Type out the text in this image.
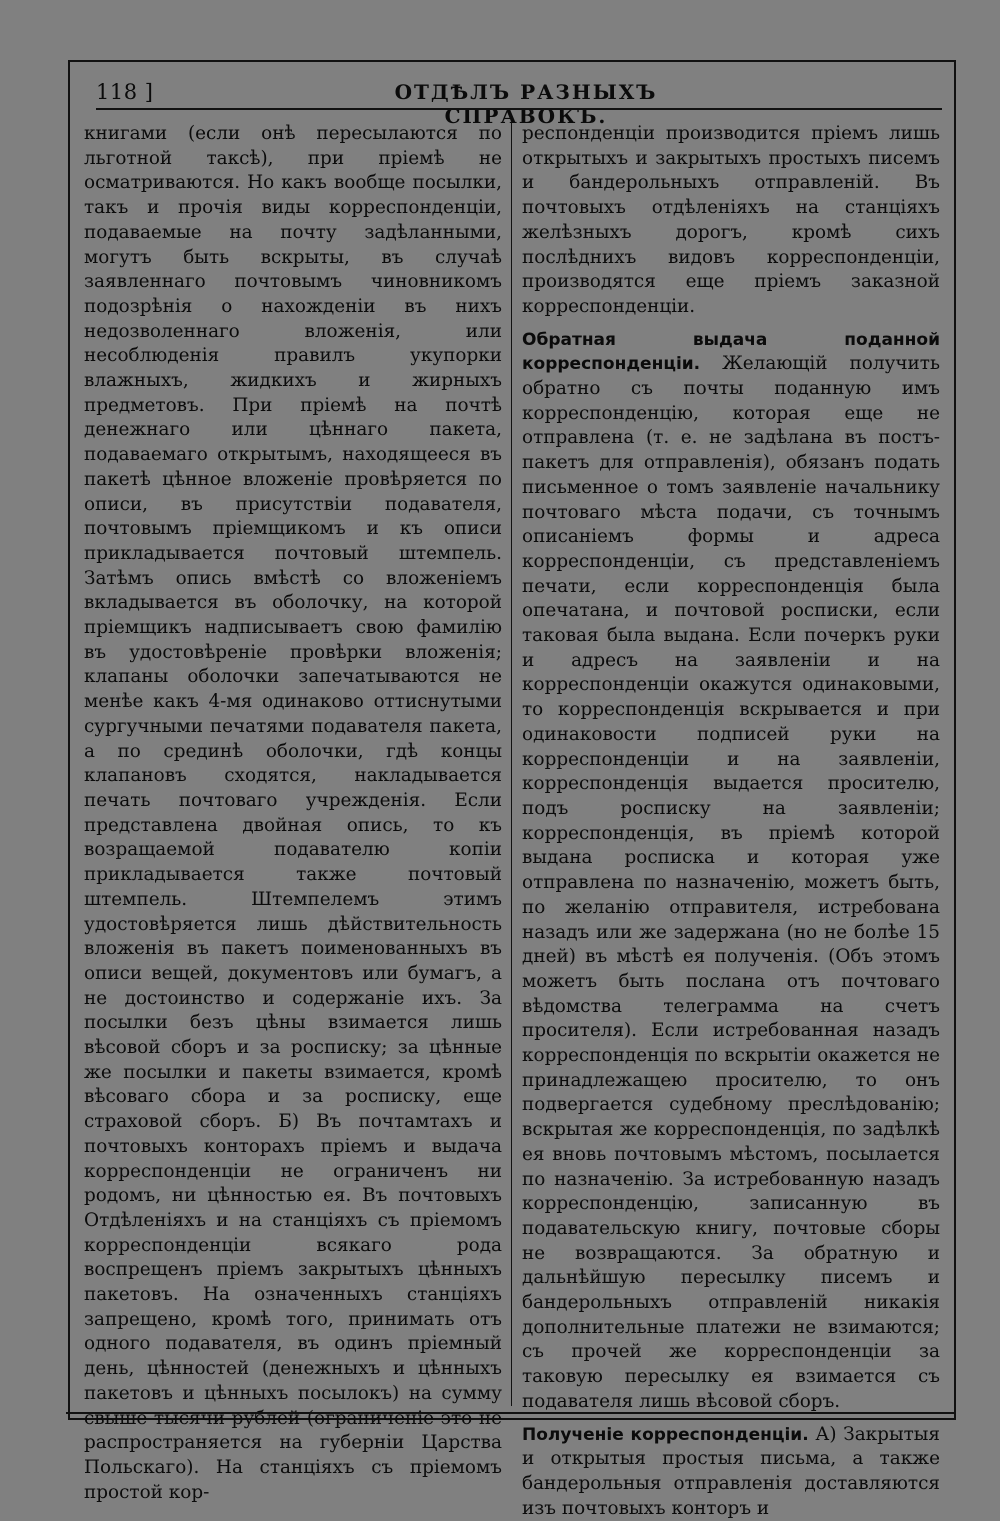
118 ]	ОТДѢЛЪ РАЗНЫХЪ СПРАВОКЪ.

книгами (если онѣ пересылаются по льготной таксѣ), при пріемѣ не осматриваются. Но какъ вообще посылки, такъ и прочія виды корреспонденціи, подаваемые на почту задѣланными, могутъ быть вскрыты, въ случаѣ заявленнаго почтовымъ чиновникомъ подозрѣнія о нахожденіи въ нихъ недозволеннаго вложенія, или несоблюденія правилъ укупорки влажныхъ, жидкихъ и жирныхъ предметовъ. При пріемѣ на почтѣ денежнаго или цѣннаго пакета, подаваемаго открытымъ, находящееся въ пакетѣ цѣнное вложеніе провѣряется по описи, въ присутствіи подавателя, почтовымъ пріемщикомъ и къ описи прикладывается почтовый штемпель. Затѣмъ опись вмѣстѣ со вложеніемъ вкладывается въ оболочку, на которой пріемщикъ надписываетъ свою фамилію въ удостовѣреніе провѣрки вложенія; клапаны оболочки запечатываются не менѣе какъ 4-мя одинаково оттиснутыми сургучными печатями подавателя пакета, а по срединѣ оболочки, гдѣ концы клапановъ сходятся, накладывается печать почтоваго учрежденія. Если представлена двойная опись, то къ возращаемой подавателю копіи прикладывается также почтовый штемпель. Штемпелемъ этимъ удостовѣряется лишь дѣйствительность вложенія въ пакетъ поименованныхъ въ описи вещей, документовъ или бумагъ, а не достоинство и содержаніе ихъ. За посылки безъ цѣны взимается лишь вѣсовой сборъ и за росписку; за цѣнные же посылки и пакеты взимается, кромѣ вѣсоваго сбора и за росписку, еще страховой сборъ. Б) Въ почтамтахъ и почтовыхъ конторахъ пріемъ и выдача корреспонденціи не ограниченъ ни родомъ, ни цѣнностью ея. Въ почтовыхъ Отдѣленіяхъ и на станціяхъ съ пріемомъ корреспонденціи всякаго рода воспрещенъ пріемъ закрытыхъ цѣнныхъ пакетовъ. На означенныхъ станціяхъ запрещено, кромѣ того, принимать отъ одного подавателя, въ одинъ пріемный день, цѣнностей (денежныхъ и цѣнныхъ пакетовъ и цѣнныхъ посылокъ) на сумму свыше тысячи рублей (ограниченіе это не распространяется на губерніи Царства Польскаго). На станціяхъ съ пріемомъ простой кор-

респонденціи производится пріемъ лишь открытыхъ и закрытыхъ простыхъ писемъ и бандерольныхъ отправленій. Въ почтовыхъ отдѣленіяхъ на станціяхъ желѣзныхъ дорогъ, кромѣ сихъ послѣднихъ видовъ корреспонденціи, производятся еще пріемъ заказной корреспонденціи.

Обратная выдача поданной корреспонденціи. Желающій получить обратно съ почты поданную имъ корреспонденцію, которая еще не отправлена (т. е. не задѣлана въ постъ-пакетъ для отправленія), обязанъ подать письменное о томъ заявленіе начальнику почтоваго мѣста подачи, съ точнымъ описаніемъ формы и адреса корреспонденціи, съ представленіемъ печати, если корреспонденція была опечатана, и почтовой росписки, если таковая была выдана. Если почеркъ руки и адресъ на заявленіи и на корреспонденціи окажутся одинаковыми, то корреспонденція вскрывается и при одинаковости подписей руки на корреспонденціи и на заявленіи, корреспонденція выдается просителю, подъ росписку на заявленіи; корреспонденція, въ пріемѣ которой выдана росписка и которая уже отправлена по назначенію, можетъ быть, по желанію отправителя, истребована назадъ или же задержана (но не болѣе 15 дней) въ мѣстѣ ея полученія. (Объ этомъ можетъ быть послана отъ почтоваго вѣдомства телеграмма на счетъ просителя). Если истребованная назадъ корреспонденція по вскрытіи окажется не принадлежащею просителю, то онъ подвергается судебному преслѣдованію; вскрытая же корреспонденція, по задѣлкѣ ея вновь почтовымъ мѣстомъ, посылается по назначенію. За истребованную назадъ корреспонденцію, записанную въ подавательскую книгу, почтовые сборы не возвращаются. За обратную и дальнѣйшую пересылку писемъ и бандерольныхъ отправленій никакія дополнительные платежи не взимаются; съ прочей же корреспонденціи за таковую пересылку ея взимается съ подавателя лишь вѣсовой сборъ.

Полученіе корреспонденціи. А) Закрытыя и открытыя простыя письма, а также бандерольныя отправленія доставляются изъ почтовыхъ конторъ и
